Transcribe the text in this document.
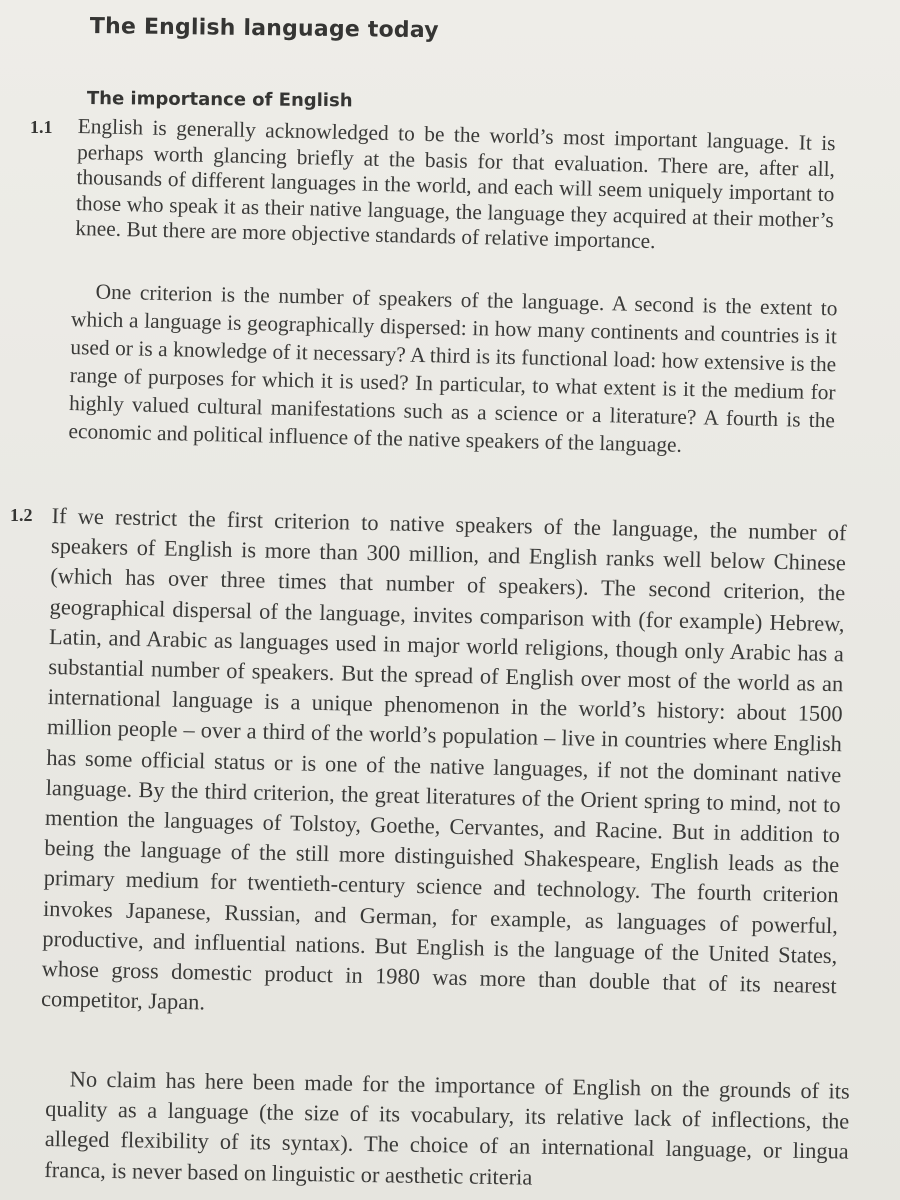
The English language today
The importance of English
1.1 English is generally acknowledged to be the world’s most important language. It is perhaps worth glancing briefly at the basis for that evaluation. There are, after all, thousands of different languages in the world, and each will seem uniquely important to those who speak it as their native language, the language they acquired at their mother’s knee. But there are more objective standards of relative importance.

One criterion is the number of speakers of the language. A second is the extent to which a language is geographically dispersed: in how many continents and countries is it used or is a knowledge of it necessary? A third is its functional load: how extensive is the range of purposes for which it is used? In particular, to what extent is it the medium for highly valued cultural manifestations such as a science or a literature? A fourth is the economic and political influence of the native speakers of the language.

1.2 If we restrict the first criterion to native speakers of the language, the number of speakers of English is more than 300 million, and English ranks well below Chinese (which has over three times that number of speakers). The second criterion, the geographical dispersal of the language, invites comparison with (for example) Hebrew, Latin, and Arabic as languages used in major world religions, though only Arabic has a substantial number of speakers. But the spread of English over most of the world as an international language is a unique phenomenon in the world’s history: about 1500 million people – over a third of the world’s population – live in countries where English has some official status or is one of the native languages, if not the dominant native language. By the third criterion, the great literatures of the Orient spring to mind, not to mention the languages of Tolstoy, Goethe, Cervantes, and Racine. But in addition to being the language of the still more distinguished Shakespeare, English leads as the primary medium for twentieth-century science and technology. The fourth criterion invokes Japanese, Russian, and German, for example, as languages of powerful, productive, and influential nations. But English is the language of the United States, whose gross domestic product in 1980 was more than double that of its nearest competitor, Japan.

No claim has here been made for the importance of English on the grounds of its quality as a language (the size of its vocabulary, its relative lack of inflections, the alleged flexibility of its syntax). The choice of an international language, or lingua franca, is never based on linguistic or aesthetic criteria
